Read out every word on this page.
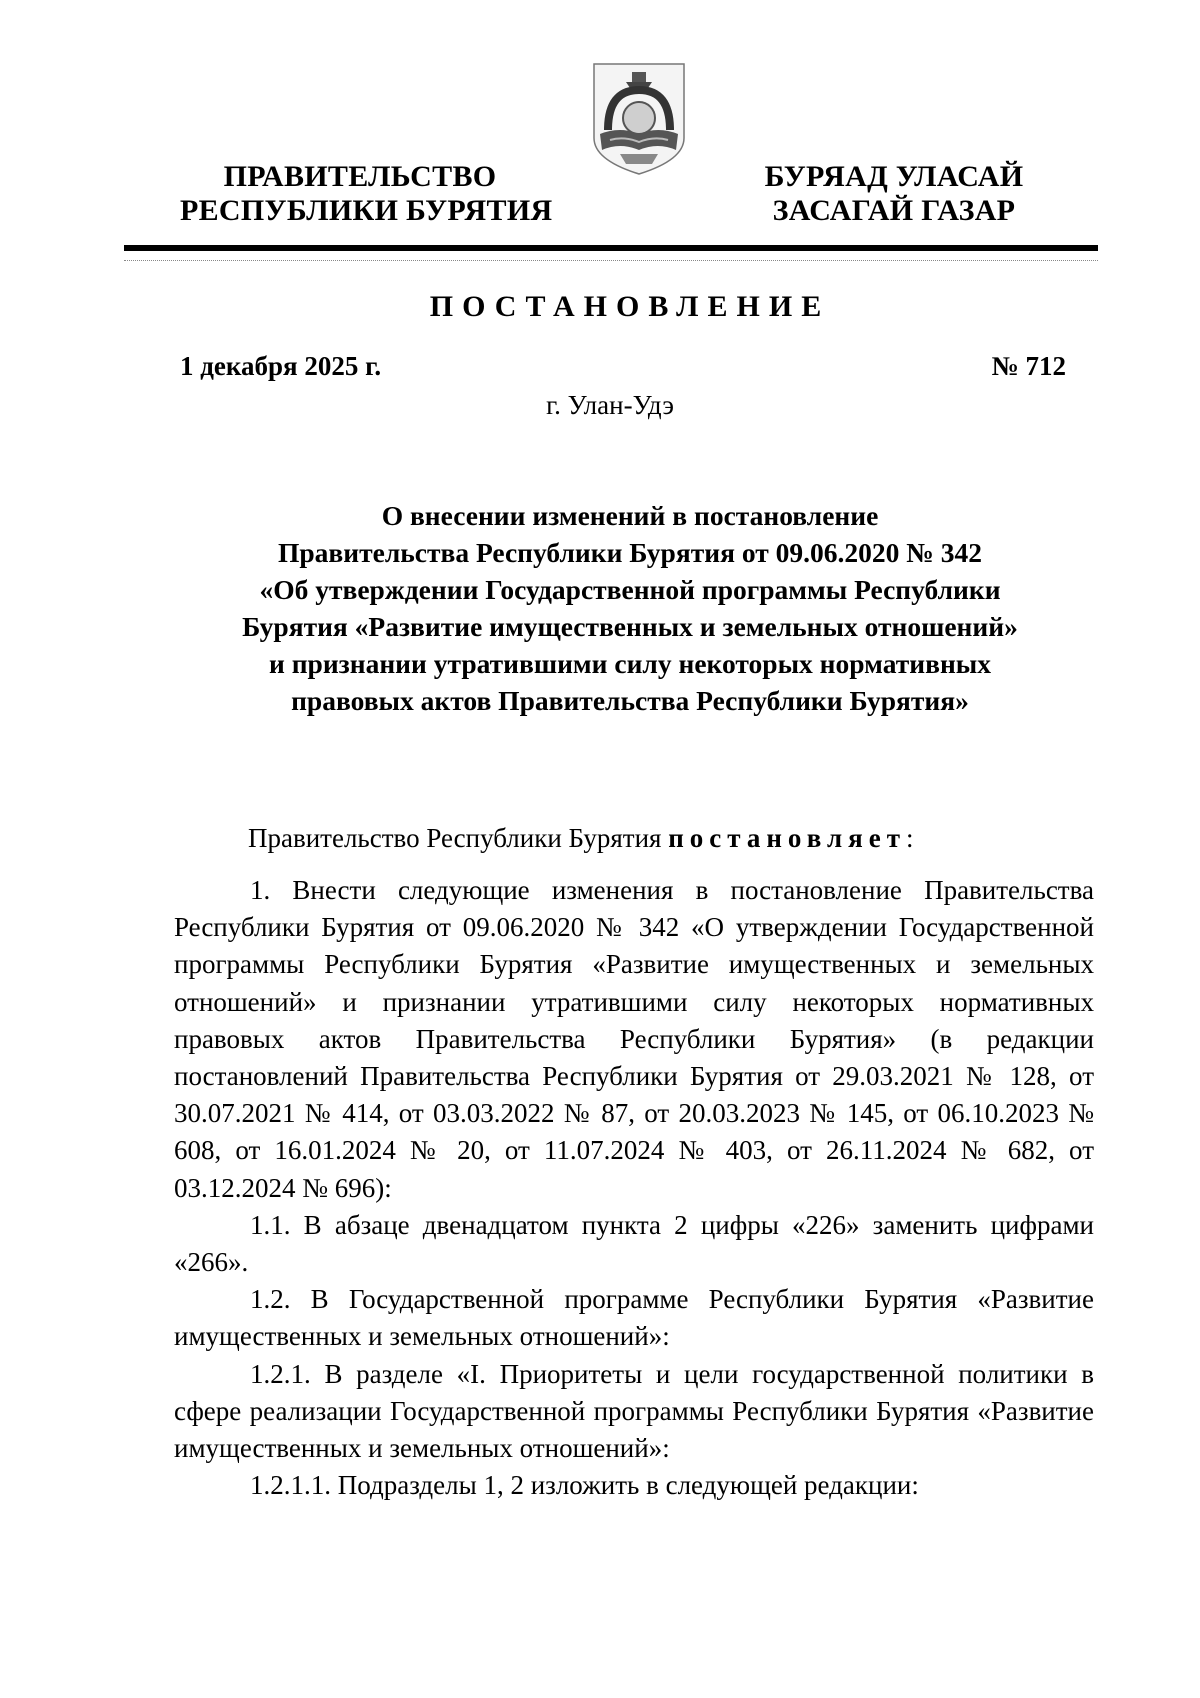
ПРАВИТЕЛЬСТВО
РЕСПУБЛИКИ БУРЯТИЯ
БУРЯАД УЛАСАЙ
ЗАСАГАЙ ГАЗАР
ПОСТАНОВЛЕНИЕ
1 декабря 2025 г.	№ 712
г. Улан-Удэ
О внесении изменений в постановление
Правительства Республики Бурятия от 09.06.2020 № 342
«Об утверждении Государственной программы Республики
Бурятия «Развитие имущественных и земельных отношений»
и признании утратившими силу некоторых нормативных
правовых актов Правительства Республики Бурятия»
Правительство Республики Бурятия постановляет:

1. Внести следующие изменения в постановление Правительства Республики Бурятия от 09.06.2020 № 342 «О утверждении Государственной программы Республики Бурятия «Развитие имущественных и земельных отношений» и признании утратившими силу некоторых нормативных правовых актов Правительства Республики Бурятия» (в редакции постановлений Правительства Республики Бурятия от 29.03.2021 № 128, от 30.07.2021 № 414, от 03.03.2022 № 87, от 20.03.2023 № 145, от 06.10.2023 № 608, от 16.01.2024 № 20, от 11.07.2024 № 403, от 26.11.2024 № 682, от 03.12.2024 № 696):

1.1. В абзаце двенадцатом пункта 2 цифры «226» заменить цифрами «266».

1.2. В Государственной программе Республики Бурятия «Развитие имущественных и земельных отношений»:

1.2.1. В разделе «I. Приоритеты и цели государственной политики в сфере реализации Государственной программы Республики Бурятия «Развитие имущественных и земельных отношений»:

1.2.1.1. Подразделы 1, 2 изложить в следующей редакции:
